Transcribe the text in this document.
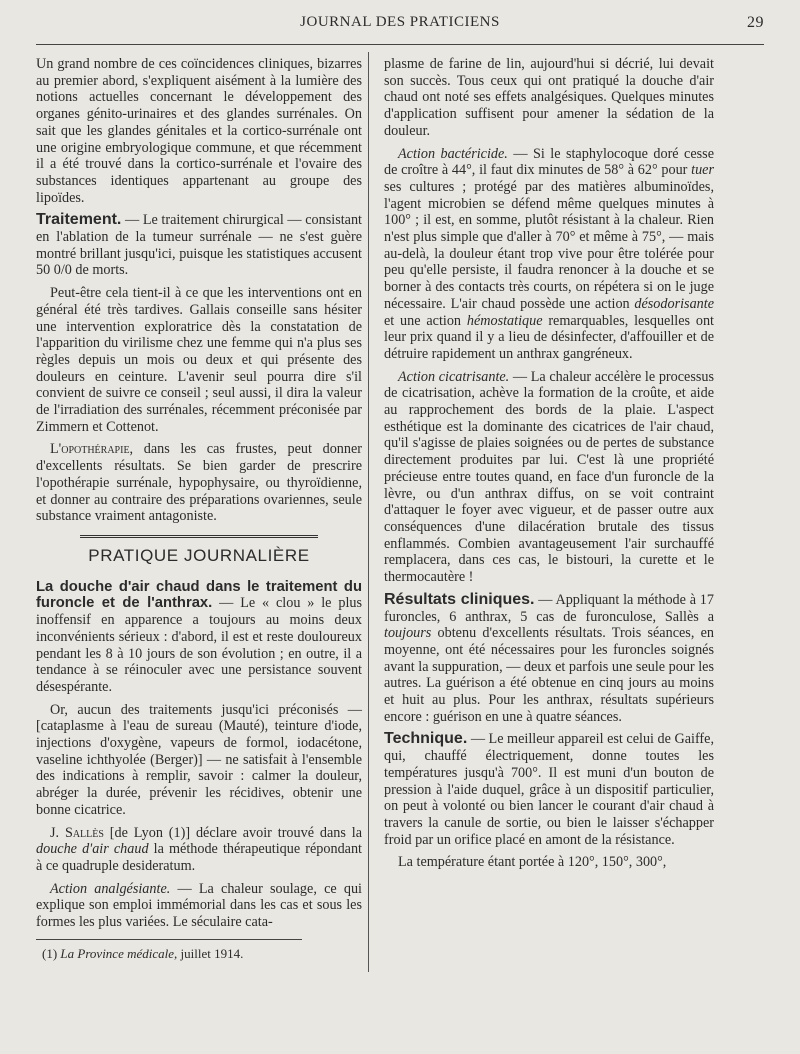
JOURNAL DES PRATICIENS	29

Un grand nombre de ces coïncidences cliniques, bizarres au premier abord, s'expliquent aisément à la lumière des notions actuelles concernant le développement des organes génito-urinaires et des glandes surrénales. On sait que les glandes génitales et la cortico-surrénale ont une origine embryologique commune, et que récemment il a été trouvé dans la cortico-surrénale et l'ovaire des substances identiques appartenant au groupe des lipoïdes.

Traitement. — Le traitement chirurgical — consistant en l'ablation de la tumeur surrénale — ne s'est guère montré brillant jusqu'ici, puisque les statistiques accusent 50 0/0 de morts.

Peut-être cela tient-il à ce que les interventions ont en général été très tardives. Gallais conseille sans hésiter une intervention exploratrice dès la constatation de l'apparition du virilisme chez une femme qui n'a plus ses règles depuis un mois ou deux et qui présente des douleurs en ceinture. L'avenir seul pourra dire s'il convient de suivre ce conseil ; seul aussi, il dira la valeur de l'irradiation des surrénales, récemment préconisée par Zimmern et Cottenot.

L'opothérapie, dans les cas frustes, peut donner d'excellents résultats. Se bien garder de prescrire l'opothérapie surrénale, hypophysaire, ou thyroïdienne, et donner au contraire des préparations ovariennes, seule substance vraiment antagoniste.

PRATIQUE JOURNALIÈRE

La douche d'air chaud dans le traitement du furoncle et de l'anthrax. — Le « clou » le plus inoffensif en apparence a toujours au moins deux inconvénients sérieux : d'abord, il est et reste douloureux pendant les 8 à 10 jours de son évolution ; en outre, il a tendance à se réinoculer avec une persistance souvent désespérante.

Or, aucun des traitements jusqu'ici préconisés — [cataplasme à l'eau de sureau (Mauté), teinture d'iode, injections d'oxygène, vapeurs de formol, iodacétone, vaseline ichthyolée (Berger)] — ne satisfait à l'ensemble des indications à remplir, savoir : calmer la douleur, abréger la durée, prévenir les récidives, obtenir une bonne cicatrice.

J. Sallès [de Lyon (1)] déclare avoir trouvé dans la douche d'air chaud la méthode thérapeutique répondant à ce quadruple desideratum.

Action analgésiante. — La chaleur soulage, ce qui explique son emploi immémorial dans les cas et sous les formes les plus variées. Le séculaire cata-

(1) La Province médicale, juillet 1914.

plasme de farine de lin, aujourd'hui si décrié, lui devait son succès. Tous ceux qui ont pratiqué la douche d'air chaud ont noté ses effets analgésiques. Quelques minutes d'application suffisent pour amener la sédation de la douleur.

Action bactéricide. — Si le staphylocoque doré cesse de croître à 44°, il faut dix minutes de 58° à 62° pour tuer ses cultures ; protégé par des matières albuminoïdes, l'agent microbien se défend même quelques minutes à 100° ; il est, en somme, plutôt résistant à la chaleur. Rien n'est plus simple que d'aller à 70° et même à 75°, — mais au-delà, la douleur étant trop vive pour être tolérée pour peu qu'elle persiste, il faudra renoncer à la douche et se borner à des contacts très courts, on répétera si on le juge nécessaire. L'air chaud possède une action désodorisante et une action hémostatique remarquables, lesquelles ont leur prix quand il y a lieu de désinfecter, d'affouiller et de détruire rapidement un anthrax gangréneux.

Action cicatrisante. — La chaleur accélère le processus de cicatrisation, achève la formation de la croûte, et aide au rapprochement des bords de la plaie. L'aspect esthétique est la dominante des cicatrices de l'air chaud, qu'il s'agisse de plaies soignées ou de pertes de substance directement produites par lui. C'est là une propriété précieuse entre toutes quand, en face d'un furoncle de la lèvre, ou d'un anthrax diffus, on se voit contraint d'attaquer le foyer avec vigueur, et de passer outre aux conséquences d'une dilacération brutale des tissus enflammés. Combien avantageusement l'air surchauffé remplacera, dans ces cas, le bistouri, la curette et le thermocautère !

Résultats cliniques. — Appliquant la méthode à 17 furoncles, 6 anthrax, 5 cas de furonculose, Sallès a toujours obtenu d'excellents résultats. Trois séances, en moyenne, ont été nécessaires pour les furoncles soignés avant la suppuration, — deux et parfois une seule pour les autres. La guérison a été obtenue en cinq jours au moins et huit au plus. Pour les anthrax, résultats supérieurs encore : guérison en une à quatre séances.

Technique. — Le meilleur appareil est celui de Gaiffe, qui, chauffé électriquement, donne toutes les températures jusqu'à 700°. Il est muni d'un bouton de pression à l'aide duquel, grâce à un dispositif particulier, on peut à volonté ou bien lancer le courant d'air chaud à travers la canule de sortie, ou bien le laisser s'échapper froid par un orifice placé en amont de la résistance.

La température étant portée à 120°, 150°, 300°,
